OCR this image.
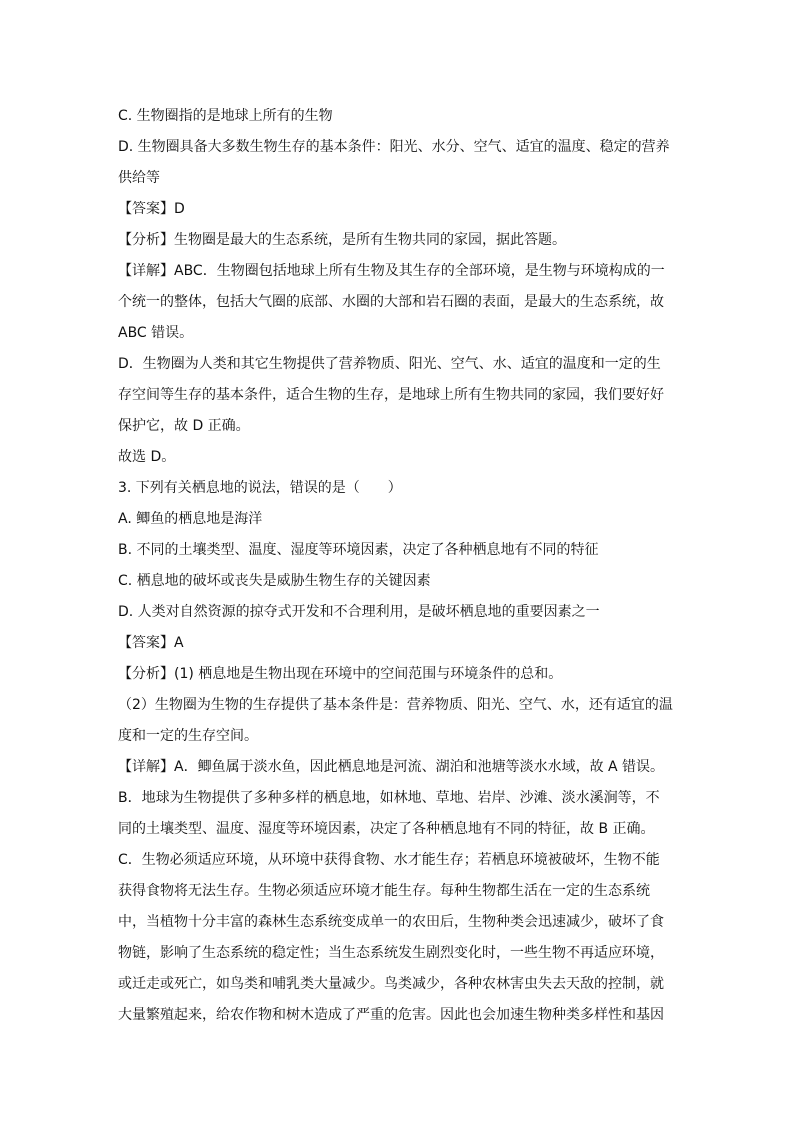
C. 生物圈指的是地球上所有的生物
D. 生物圈具备大多数生物生存的基本条件：阳光、水分、空气、适宜的温度、稳定的营养
供给等
【答案】D
【分析】生物圈是最大的生态系统，是所有生物共同的家园，据此答题。
【详解】ABC．生物圈包括地球上所有生物及其生存的全部环境，是生物与环境构成的一
个统一的整体，包括大气圈的底部、水圈的大部和岩石圈的表面，是最大的生态系统，故
ABC 错误。
D．生物圈为人类和其它生物提供了营养物质、阳光、空气、水、适宜的温度和一定的生
存空间等生存的基本条件，适合生物的生存，是地球上所有生物共同的家园，我们要好好
保护它，故 D 正确。
故选 D。
3. 下列有关栖息地的说法，错误的是（　　）
A. 鲫鱼的栖息地是海洋
B. 不同的土壤类型、温度、湿度等环境因素，决定了各种栖息地有不同的特征
C. 栖息地的破坏或丧失是威胁生物生存的关键因素
D. 人类对自然资源的掠夺式开发和不合理利用，是破坏栖息地的重要因素之一
【答案】A
【分析】(1) 栖息地是生物出现在环境中的空间范围与环境条件的总和。
（2）生物圈为生物的生存提供了基本条件是：营养物质、阳光、空气、水，还有适宜的温
度和一定的生存空间。
【详解】A．鲫鱼属于淡水鱼，因此栖息地是河流、湖泊和池塘等淡水水域，故 A 错误。
B．地球为生物提供了多种多样的栖息地，如林地、草地、岩岸、沙滩、淡水溪涧等，不
同的土壤类型、温度、湿度等环境因素，决定了各种栖息地有不同的特征，故 B 正确。
C．生物必须适应环境，从环境中获得食物、水才能生存；若栖息环境被破坏，生物不能
获得食物将无法生存。生物必须适应环境才能生存。每种生物都生活在一定的生态系统
中，当植物十分丰富的森林生态系统变成单一的农田后，生物种类会迅速减少，破坏了食
物链，影响了生态系统的稳定性；当生态系统发生剧烈变化时，一些生物不再适应环境，
或迁走或死亡，如鸟类和哺乳类大量减少。鸟类减少，各种农林害虫失去天敌的控制，就
大量繁殖起来，给农作物和树木造成了严重的危害。因此也会加速生物种类多样性和基因
